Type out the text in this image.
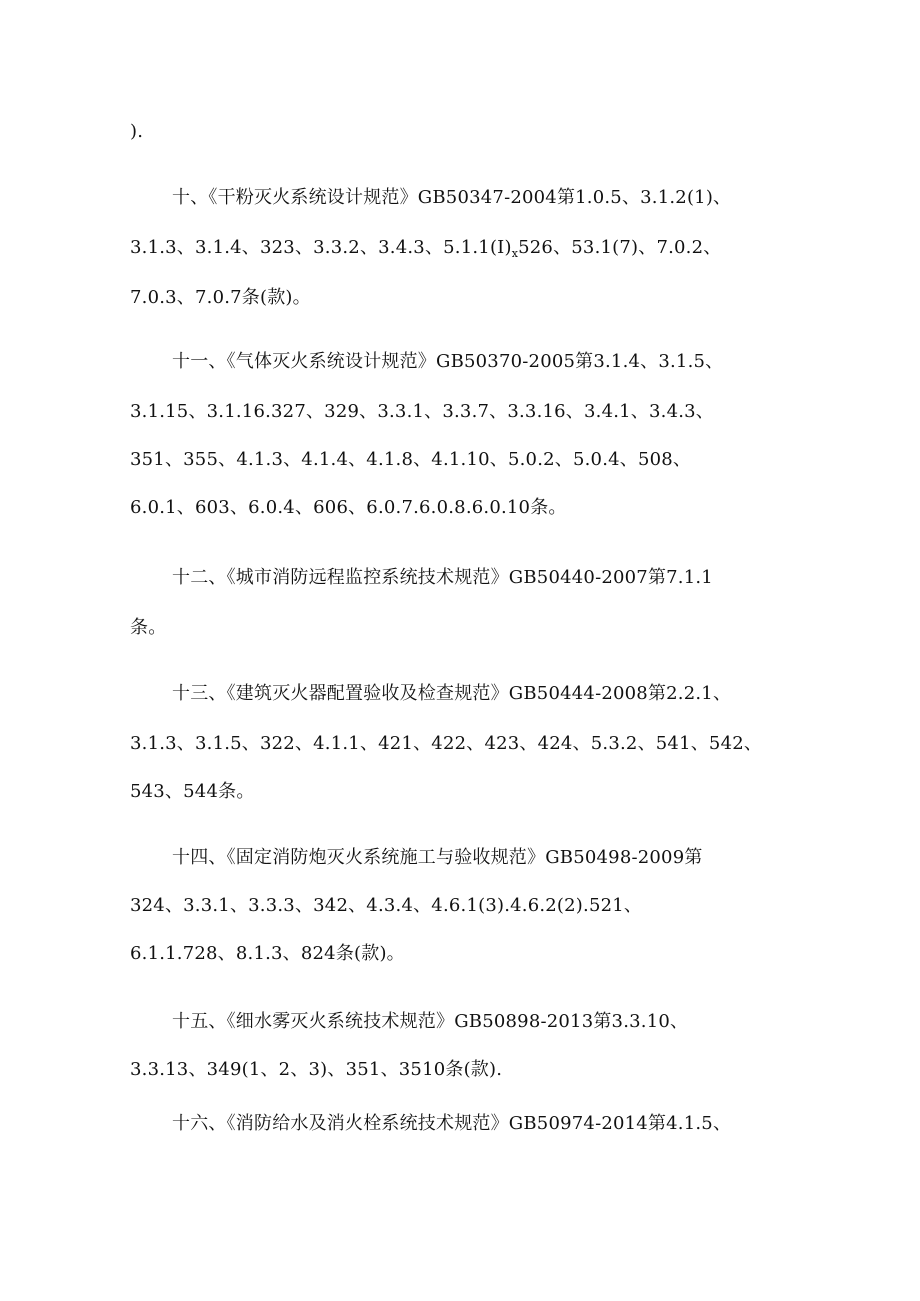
).
十、《干粉灭火系统设计规范》GB50347-2004第1.0.5、3.1.2(1)、
3.1.3、3.1.4、323、3.3.2、3.4.3、$5.1.1(I)_x526$、53.1(7)、7.0.2、
7.0.3、7.0.7条(款)。
十一、《气体灭火系统设计规范》GB50370-2005第3.1.4、3.1.5、
3.1.15、3.1.16.327、329、3.3.1、3.3.7、3.3.16、3.4.1、3.4.3、
351、355、4.1.3、4.1.4、4.1.8、4.1.10、5.0.2、5.0.4、508、
6.0.1、603、6.0.4、606、6.0.7.6.0.8.6.0.10条。
十二、《城市消防远程监控系统技术规范》GB50440-2007第7.1.1
条。
十三、《建筑灭火器配置验收及检查规范》GB50444-2008第2.2.1、
3.1.3、3.1.5、322、4.1.1、421、422、423、424、5.3.2、541、542、
543、544条。
十四、《固定消防炮灭火系统施工与验收规范》GB50498-2009第
324、3.3.1、3.3.3、342、4.3.4、4.6.1(3).4.6.2(2).521、
6.1.1.728、8.1.3、824条(款)。
十五、《细水雾灭火系统技术规范》GB50898-2013第3.3.10、
3.3.13、349(1、2、3)、351、3510条(款).
十六、《消防给水及消火栓系统技术规范》GB50974-2014第4.1.5、
